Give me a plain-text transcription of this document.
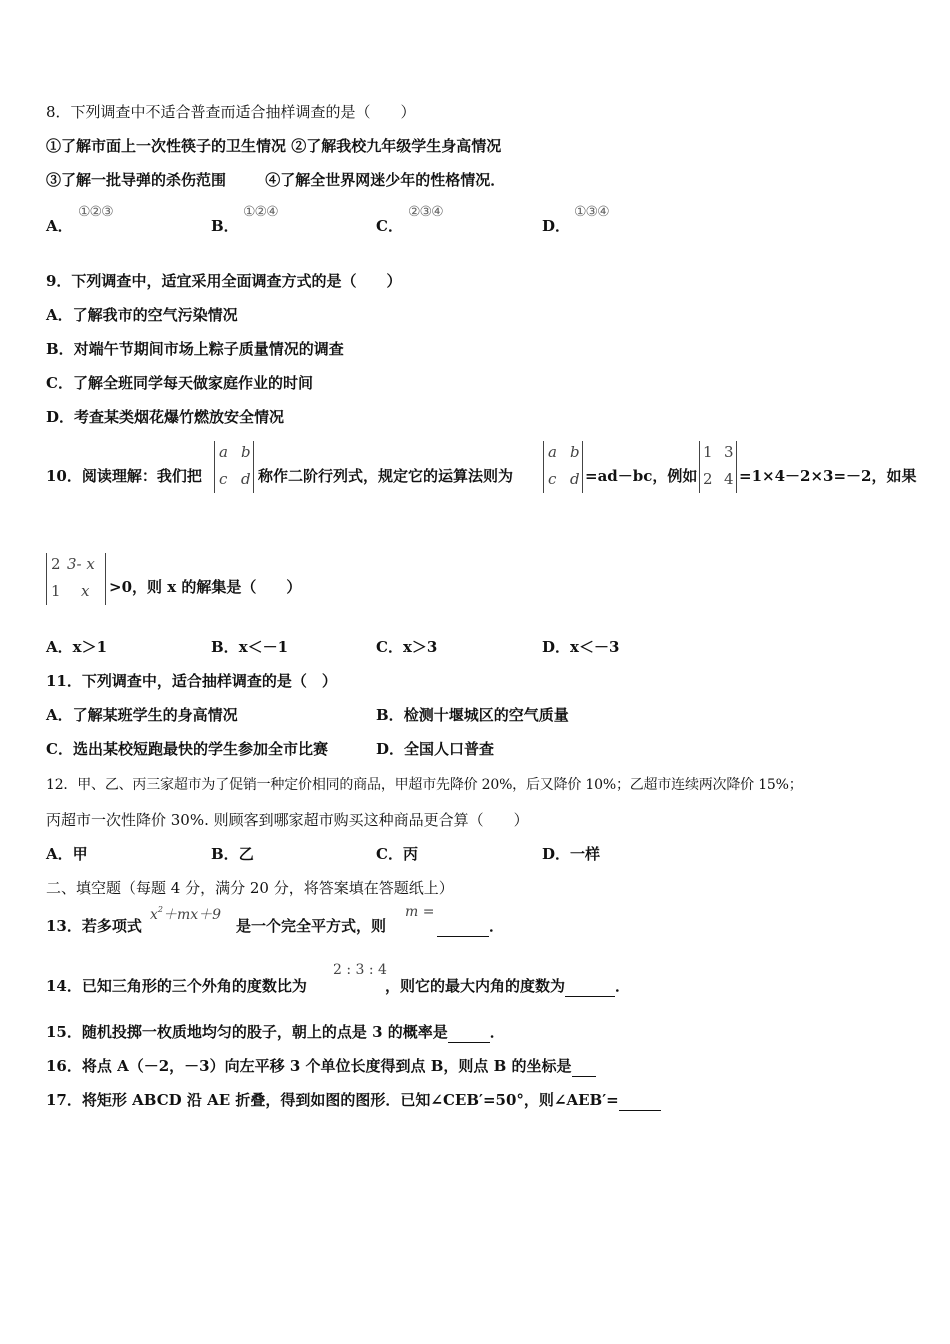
8．下列调查中不适合普查而适合抽样调查的是（　　）
①了解市面上一次性筷子的卫生情况 ②了解我校九年级学生身高情况
③了解一批导弹的杀伤范围	④了解全世界网迷少年的性格情况．
A．
①②③
B．
①②④
C．
②③④
D．
①③④
9．下列调查中，适宜采用全面调查方式的是（　　）
A．了解我市的空气污染情况
B．对端午节期间市场上粽子质量情况的调查
C．了解全班同学每天做家庭作业的时间
D．考查某类烟花爆竹燃放安全情况
10．阅读理解：我们把
a b
c d 称作二阶行列式，规定它的运算法则为
a b
c d =ad－bc，例如
1 3
2 4 =1×4－2×3=－2，如果
2 3- x
1 x >0，则 x 的解集是（　　）
A．x＞1	B．x＜－1	C．x＞3	D．x＜－3
11．下列调查中，适合抽样调查的是（　）
A．了解某班学生的身高情况	B．检测十堰城区的空气质量
C．选出某校短跑最快的学生参加全市比赛	D．全国人口普查
12．甲、乙、丙三家超市为了促销一种定价相同的商品，甲超市先降价 20%，后又降价 10%；乙超市连续两次降价 15%；
丙超市一次性降价 30%. 则顾客到哪家超市购买这种商品更合算（　　）
A．甲	B．乙	C．丙	D．一样
二、填空题（每题 4 分，满分 20 分，将答案填在答题纸上）
13．若多项式
$x^2+mx+9$
是一个完全平方式，则
m =
．
14．已知三角形的三个外角的度数比为
2 : 3 : 4
，则它的最大内角的度数为	．
15．随机投掷一枚质地均匀的股子，朝上的点是 3 的概率是	．
16．将点 A（－2，－3）向左平移 3 个单位长度得到点 B，则点 B 的坐标是
17．将矩形 ABCD 沿 AE 折叠，得到如图的图形．已知∠CEB′=50°，则∠AEB′=
